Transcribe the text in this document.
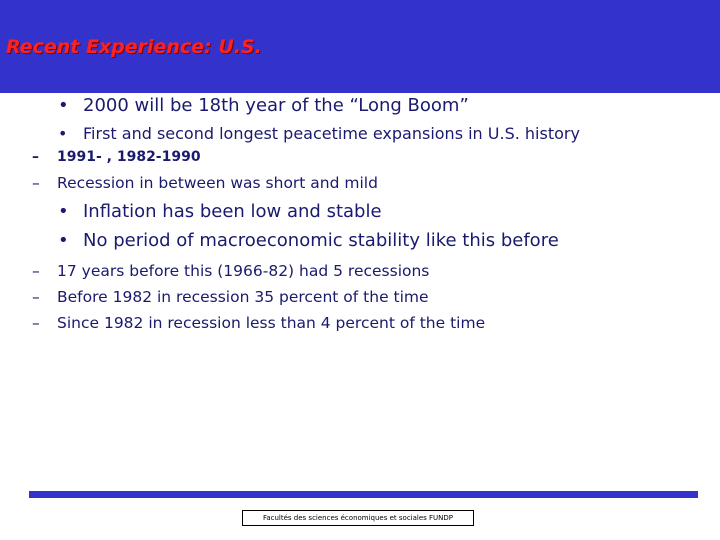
Recent Experience: U.S.
• 2000 will be 18th year of the “Long Boom”
• First and second longest peacetime expansions in U.S. history
– 1991- , 1982-1990
– Recession in between was short and mild
• Inflation has been low and stable
• No period of macroeconomic stability like this before
– 17 years before this (1966-82) had 5 recessions
– Before 1982 in recession 35 percent of the time
– Since 1982 in recession less than 4 percent of the time
Facultés des sciences économiques et sociales FUNDP
